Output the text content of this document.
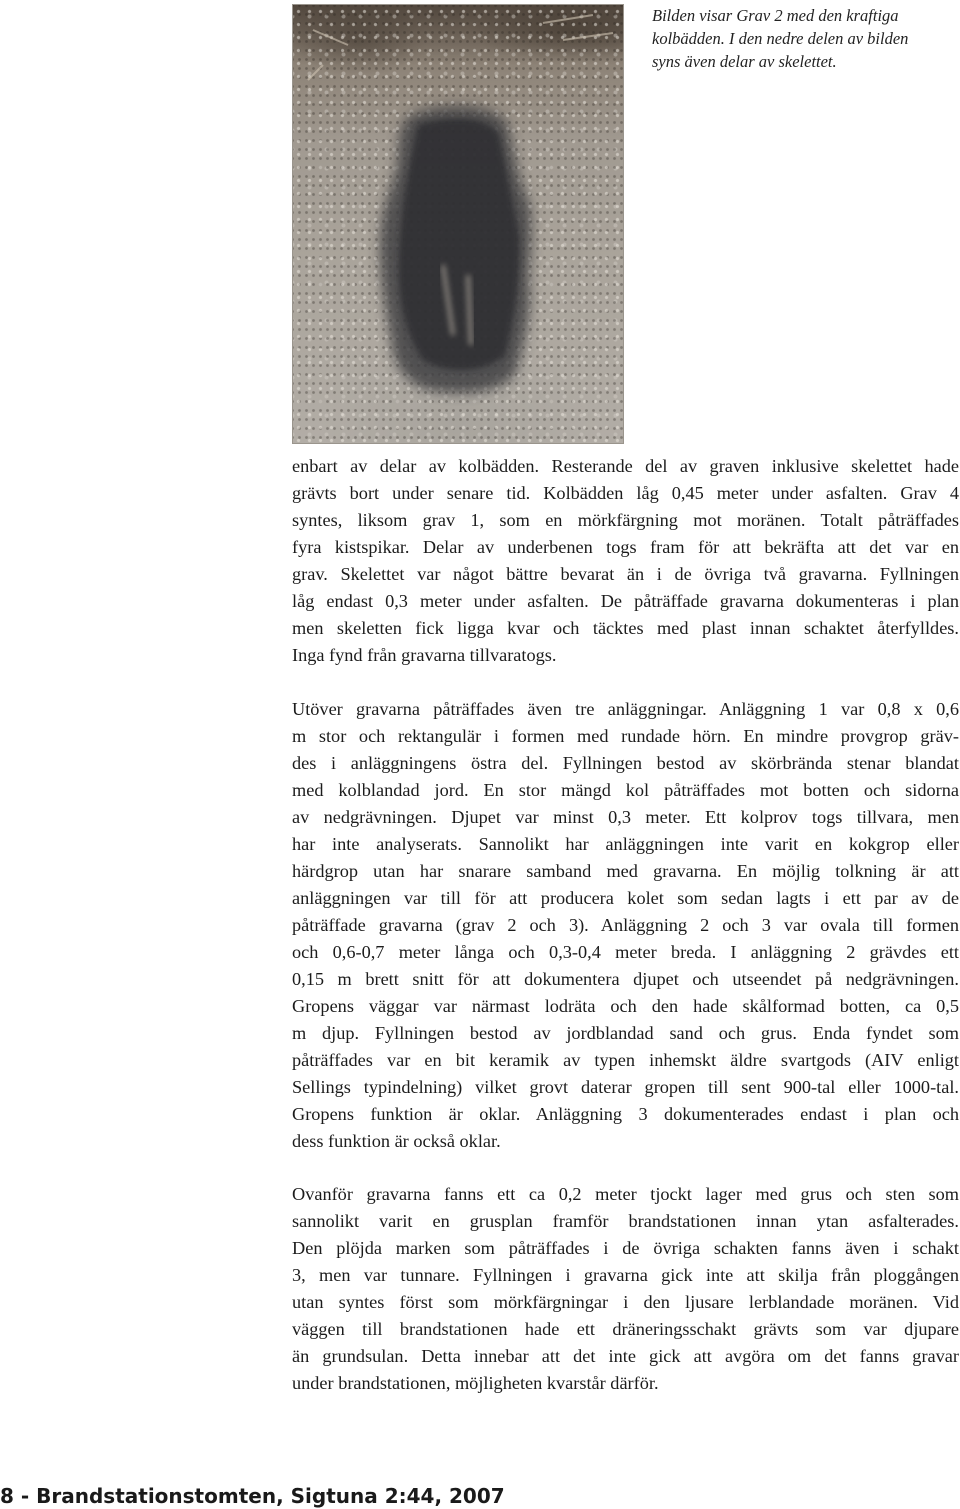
Bilden visar Grav 2 med den kraftiga
kolbädden. I den nedre delen av bilden
syns även delar av skelettet.
enbart av delar av kolbädden. Resterande del av graven inklusive skelettet hade
grävts bort under senare tid. Kolbädden låg 0,45 meter under asfalten. Grav 4
syntes, liksom grav 1, som en mörkfärgning mot moränen. Totalt påträffades
fyra kistspikar. Delar av underbenen togs fram för att bekräfta att det var en
grav. Skelettet var något bättre bevarat än i de övriga två gravarna. Fyllningen
låg endast 0,3 meter under asfalten. De påträffade gravarna dokumenteras i plan
men skeletten fick ligga kvar och täcktes med plast innan schaktet återfylldes.
Inga fynd från gravarna tillvaratogs.
Utöver gravarna påträffades även tre anläggningar. Anläggning 1 var 0,8 x 0,6
m stor och rektangulär i formen med rundade hörn. En mindre provgrop gräv-
des i anläggningens östra del. Fyllningen bestod av skörbrända stenar blandat
med kolblandad jord. En stor mängd kol påträffades mot botten och sidorna
av nedgrävningen. Djupet var minst 0,3 meter. Ett kolprov togs tillvara, men
har inte analyserats. Sannolikt har anläggningen inte varit en kokgrop eller
härdgrop utan har snarare samband med gravarna. En möjlig tolkning är att
anläggningen var till för att producera kolet som sedan lagts i ett par av de
påträffade gravarna (grav 2 och 3). Anläggning 2 och 3 var ovala till formen
och 0,6-0,7 meter långa och 0,3-0,4 meter breda. I anläggning 2 grävdes ett
0,15 m brett snitt för att dokumentera djupet och utseendet på nedgrävningen.
Gropens väggar var närmast lodräta och den hade skålformad botten, ca 0,5
m djup. Fyllningen bestod av jordblandad sand och grus. Enda fyndet som
påträffades var en bit keramik av typen inhemskt äldre svartgods (AIV enligt
Sellings typindelning) vilket grovt daterar gropen till sent 900-tal eller 1000-tal.
Gropens funktion är oklar. Anläggning 3 dokumenterades endast i plan och
dess funktion är också oklar.
Ovanför gravarna fanns ett ca 0,2 meter tjockt lager med grus och sten som
sannolikt varit en grusplan framför brandstationen innan ytan asfalterades.
Den plöjda marken som påträffades i de övriga schakten fanns även i schakt
3, men var tunnare. Fyllningen i gravarna gick inte att skilja från ploggången
utan syntes först som mörkfärgningar i den ljusare lerblandade moränen. Vid
väggen till brandstationen hade ett dräneringsschakt grävts som var djupare
än grundsulan. Detta innebar att det inte gick att avgöra om det fanns gravar
under brandstationen, möjligheten kvarstår därför.
8 - Brandstationstomten, Sigtuna 2:44, 2007
